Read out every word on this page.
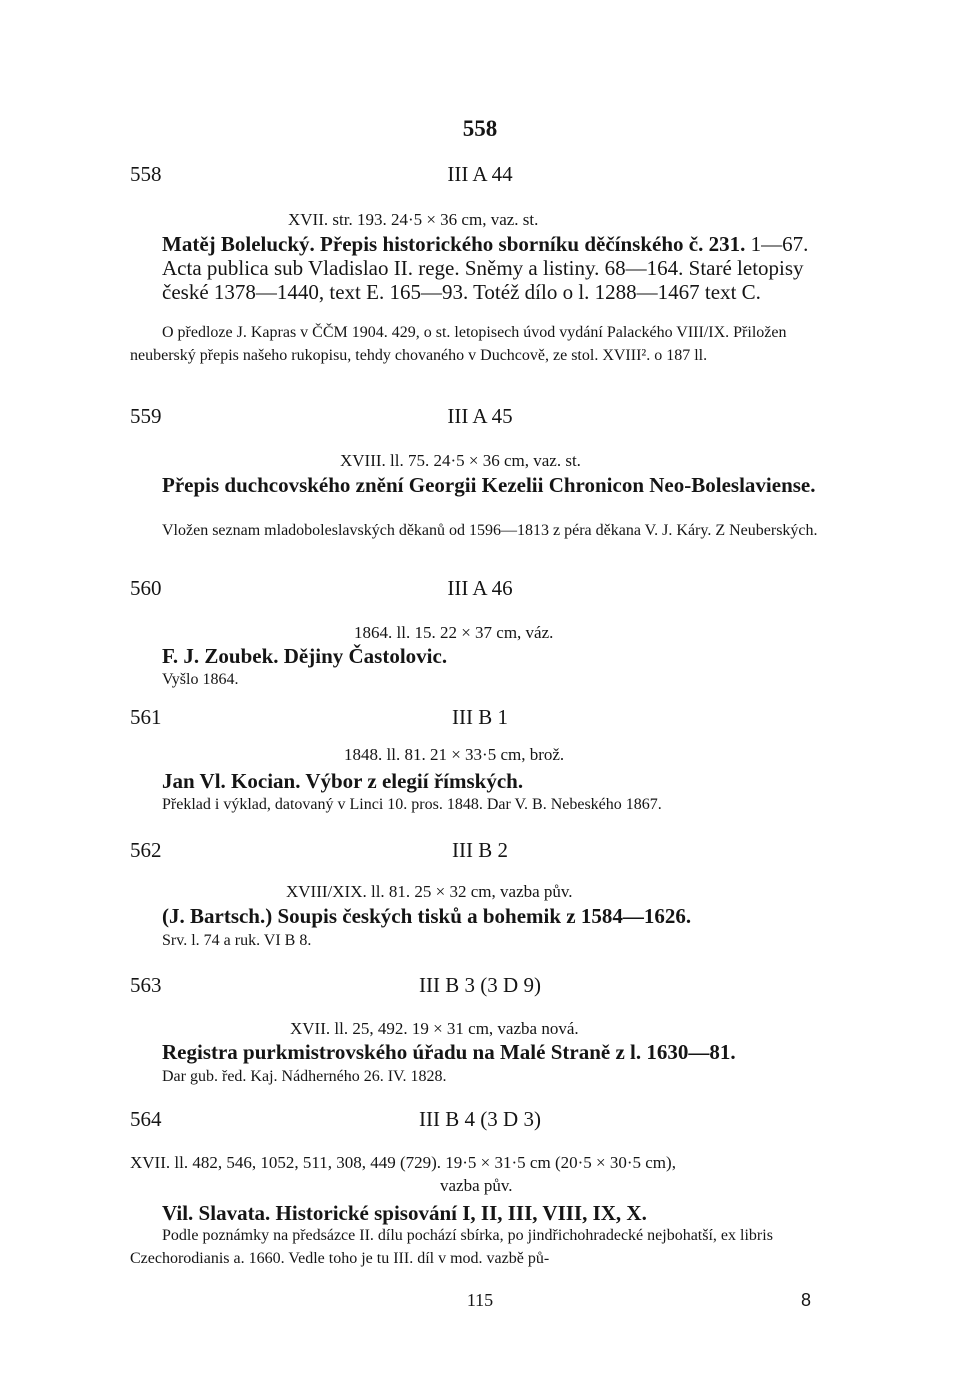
558
558	III A 44
XVII. str. 193. 24·5 × 36 cm, vaz. st.
Matěj Bolelucký. Přepis historického sborníku děčínského č. 231. 1—67. Acta publica sub Vladislao II. rege. Sněmy a listiny. 68—164. Staré letopisy české 1378—1440, text E. 165—93. Totéž dílo o l. 1288—1467 text C.
O předloze J. Kapras v ČČM 1904. 429, o st. letopisech úvod vydání Palackého VIII/IX. Přiložen neuberský přepis našeho rukopisu, tehdy chovaného v Duchcově, ze stol. XVIII². o 187 ll.
559	III A 45
XVIII. ll. 75. 24·5 × 36 cm, vaz. st.
Přepis duchcovského znění Georgii Kezelii Chronicon Neo-Boleslaviense.
Vložen seznam mladoboleslavských děkanů od 1596—1813 z péra děkana V. J. Káry. Z Neuberských.
560	III A 46
1864. ll. 15. 22 × 37 cm, váz.
F. J. Zoubek. Dějiny Častolovic.
Vyšlo 1864.
561	III B 1
1848. ll. 81. 21 × 33·5 cm, brož.
Jan Vl. Kocian. Výbor z elegií římských.
Překlad i výklad, datovaný v Linci 10. pros. 1848. Dar V. B. Nebeského 1867.
562	III B 2
XVIII/XIX. ll. 81. 25 × 32 cm, vazba pův.
(J. Bartsch.) Soupis českých tisků a bohemik z 1584—1626.
Srv. l. 74 a ruk. VI B 8.
563	III B 3 (3 D 9)
XVII. ll. 25, 492. 19 × 31 cm, vazba nová.
Registra purkmistrovského úřadu na Malé Straně z l. 1630—81.
Dar gub. řed. Kaj. Nádherného 26. IV. 1828.
564	III B 4 (3 D 3)
XVII. ll. 482, 546, 1052, 511, 308, 449 (729). 19·5 × 31·5 cm (20·5 × 30·5 cm),
vazba pův.
Vil. Slavata. Historické spisování I, II, III, VIII, IX, X.
Podle poznámky na předsázce II. dílu pochází sbírka, po jindřichohradecké nejbohatší, ex libris Czechorodianis a. 1660. Vedle toho je tu III. díl v mod. vazbě pů-
115	8
